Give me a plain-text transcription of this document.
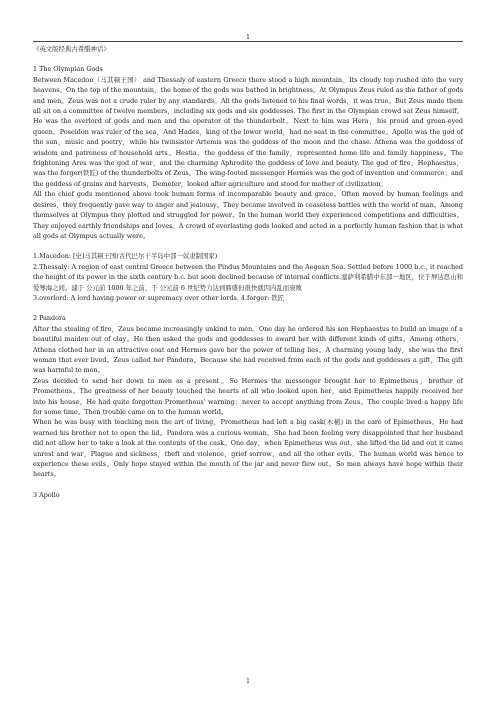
1

《英文版经典古希腊神话》

1 The Olympian Gods

Between Macedon（马其顿王国） and Thessaly of eastern Greece there stood a high mountain。Its cloudy top rushed into the very heavens。On the top of the mountain，the home of the gods was bathed in brightness。At Olympus Zeus ruled as the father of gods and men。Zeus was not a crude ruler by any standards。All the gods listened to his final words，it was true。But Zeus made them all sit on a committee of twelve members，including six gods and six goddesses. The first in the Olympian crowd sat Zeus himself。He was the overlord of gods and men and the operator of the thunderbolt。Next to him was Hera，his proud and green-eyed queen。Poseidon was ruler of the sea，And Hades，king of the lower world，had no seat in the committee。Apollo was the god of the sun，music and poetry，while his twinsister Artemis was the goddess of the moon and the chase. Athena was the goddess of wisdom and patroness of household arts。Hestia，the goddess of the family，represented home life and family happiness。The frightening Ares was the god of war，and the charming Aphrodite the goddess of love and beauty. The god of fire，Hephaestus，was the forger(铁匠) of the thunderbolts of Zeus。The wing-footed messenger Hermes was the god of invention and commerce；and the goddess of grains and harvests，Demeter，looked after agriculture and stood for mother of civilization。

All the chief gods mentioned above took human forms of incomparable beauty and grace。Often moved by human feelings and desires，they frequently gave way to anger and jealousy。They became involved in ceaseless battles with the world of man。Among themselves at Olympus they plotted and struggled for power。In the human world they experienced competitions and difficulties。They enjoyed earthly friendships and loves。A crowd of everlasting gods looked and acted in a perfectly human fashion that is what all gods at Olympus actually were。

1.Macedon: [史]马其顿王国(古代巴尔干半岛中部一奴隶制国家)

2.Thessaly: A region of east central Greece between the Pindus Mountains and the Aegean Sea. Settled before 1000 b.c., it reached the height of its power in the sixth century b.c. but soon declined because of internal conflicts.塞萨利希腊中东部一地区，位于屏达思山和爱琴海之间。建于 公元前 1000 年之前，于 公元前 6 世纪势力达到鼎盛但很快就因内乱而衰败

3.overlord: A lord having power or supremacy over other lords. 4.forger: 铁匠

2 Pandora

After the stealing of fire，Zeus became increasingly unkind to men。One day he ordered his son Hephaestus to build an image of a beautiful maiden out of clay。He then asked the gods and goddesses to award her with different kinds of gifts。Among others，Athena clothed her in an attractive coat and Hermes gave her the power of telling lies。A charming young lady，she was the first woman that ever lived。Zeus called her Pandora。Because she had received from each of the gods and goddesses a gift，The gift was harmful to men。

Zeus decided to send her down to men as a present。So Hermes the messenger brought her to Epimetheus，brother of Prometheus。The greatness of her beauty touched the hearts of all who looked upon her，and Epimetheus happily received her into his house。He had quite forgotten Prometheus' warning：never to accept anything from Zeus。The couple lived a happy life for some time。Then trouble came on to the human world。

When he was busy with teaching men the art of living，Prometheus had left a big cask(木桶) in the care of Epimetheus。He had warned his brother not to open the lid。Pandora was a curious woman。She had been feeling very disappointed that her husband did not allow her to take a look at the contents of the cask。One day，when Epimetheus was out，she lifted the lid and out it came unrest and war，Plague and sickness，theft and violence，grief sorrow，and all the other evils。The human world was hence to experience these evils。Only hope stayed within the mouth of the jar and never flew out。So men always have hope within their hearts。

3 Apollo

1
